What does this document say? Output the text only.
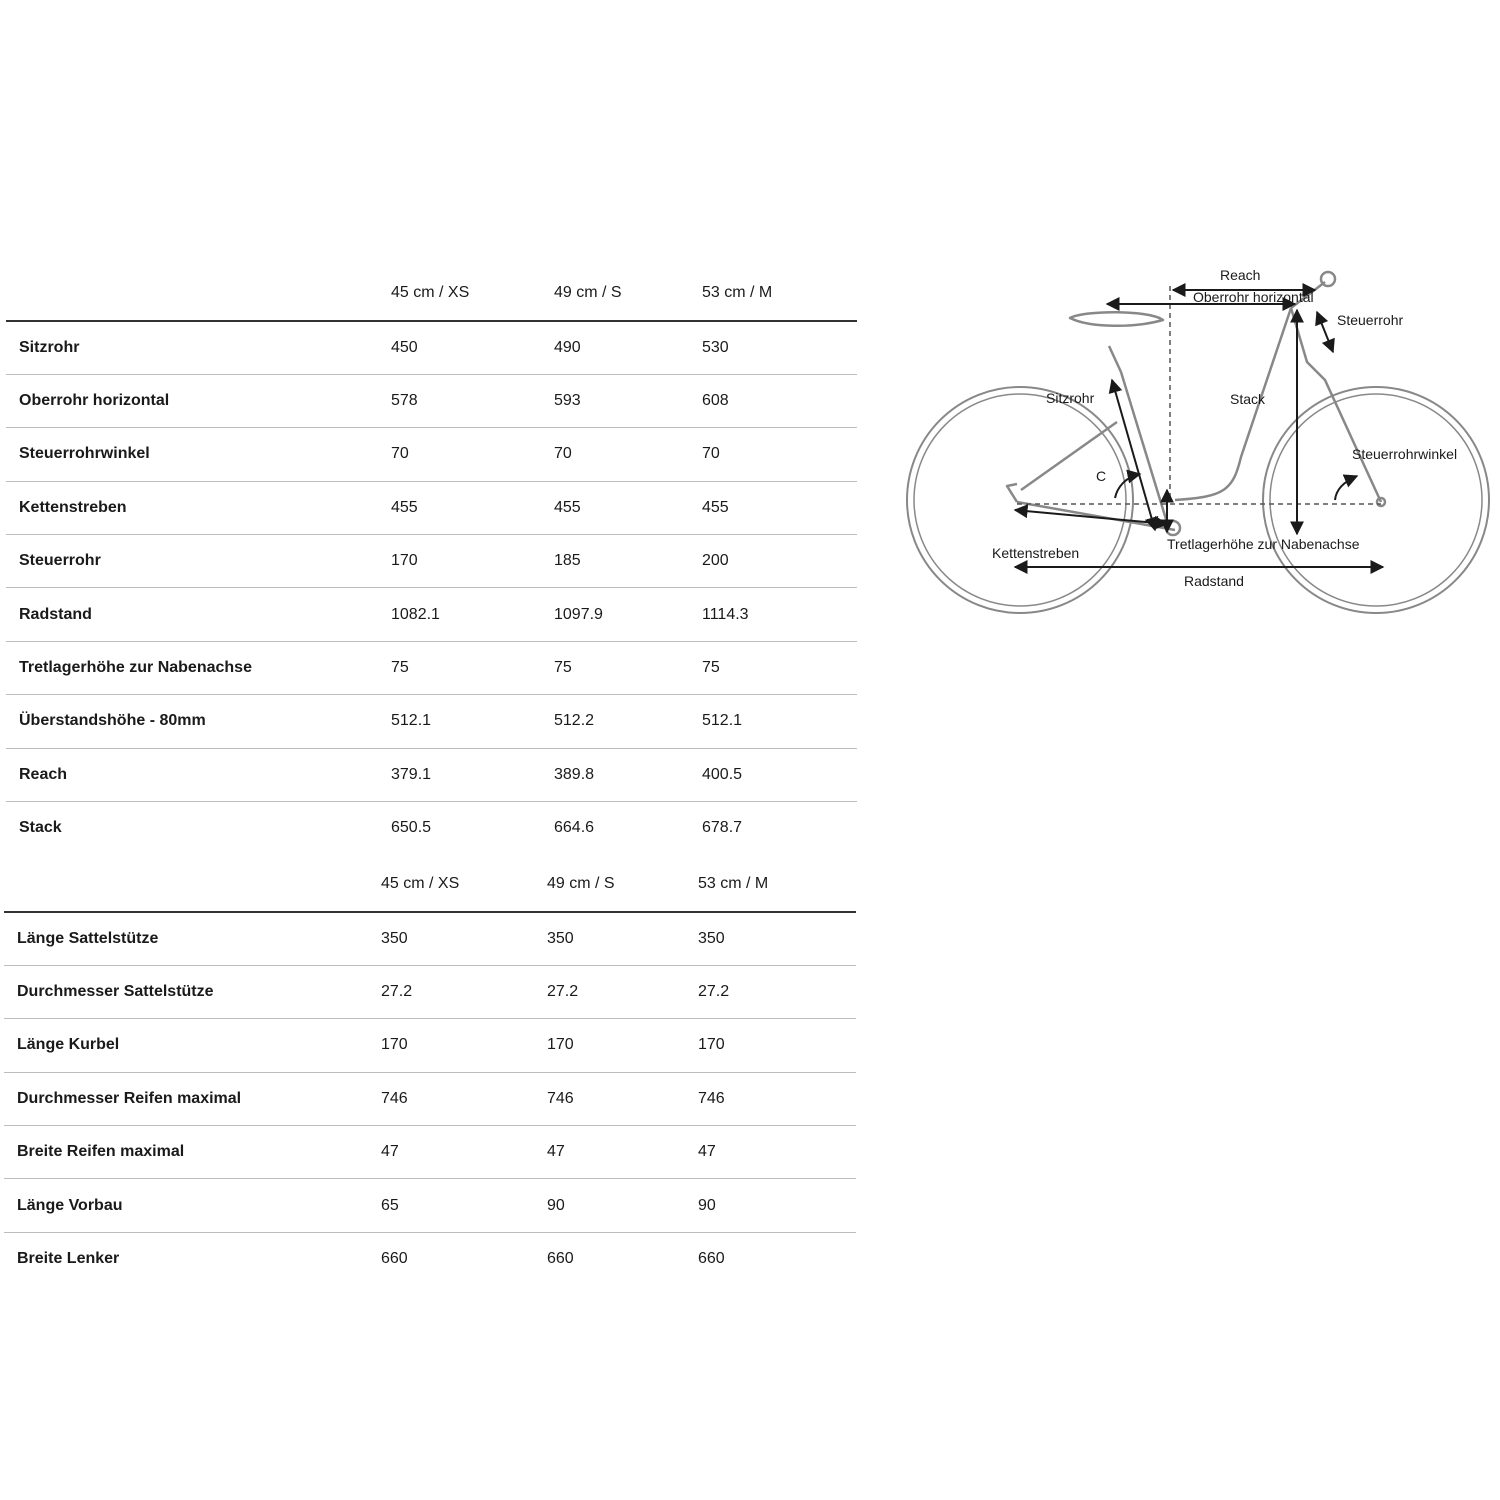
	45 cm / XS	49 cm / S	53 cm / M
Sitzrohr	450	490	530
Oberrohr horizontal	578	593	608
Steuerrohrwinkel	70	70	70
Kettenstreben	455	455	455
Steuerrohr	170	185	200
Radstand	1082.1	1097.9	1114.3
Tretlagerhöhe zur Nabenachse	75	75	75
Überstandshöhe - 80mm	512.1	512.2	512.1
Reach	379.1	389.8	400.5
Stack	650.5	664.6	678.7
	45 cm / XS	49 cm / S	53 cm / M
Länge Sattelstütze	350	350	350
Durchmesser Sattelstütze	27.2	27.2	27.2
Länge Kurbel	170	170	170
Durchmesser Reifen maximal	746	746	746
Breite Reifen maximal	47	47	47
Länge Vorbau	65	90	90
Breite Lenker	660	660	660
Reach
Oberrohr horizontal
Steuerrohr
Sitzrohr	Stack
Steuerrohrwinkel
C
Kettenstreben
Tretlagerhöhe zur Nabenachse
Radstand
